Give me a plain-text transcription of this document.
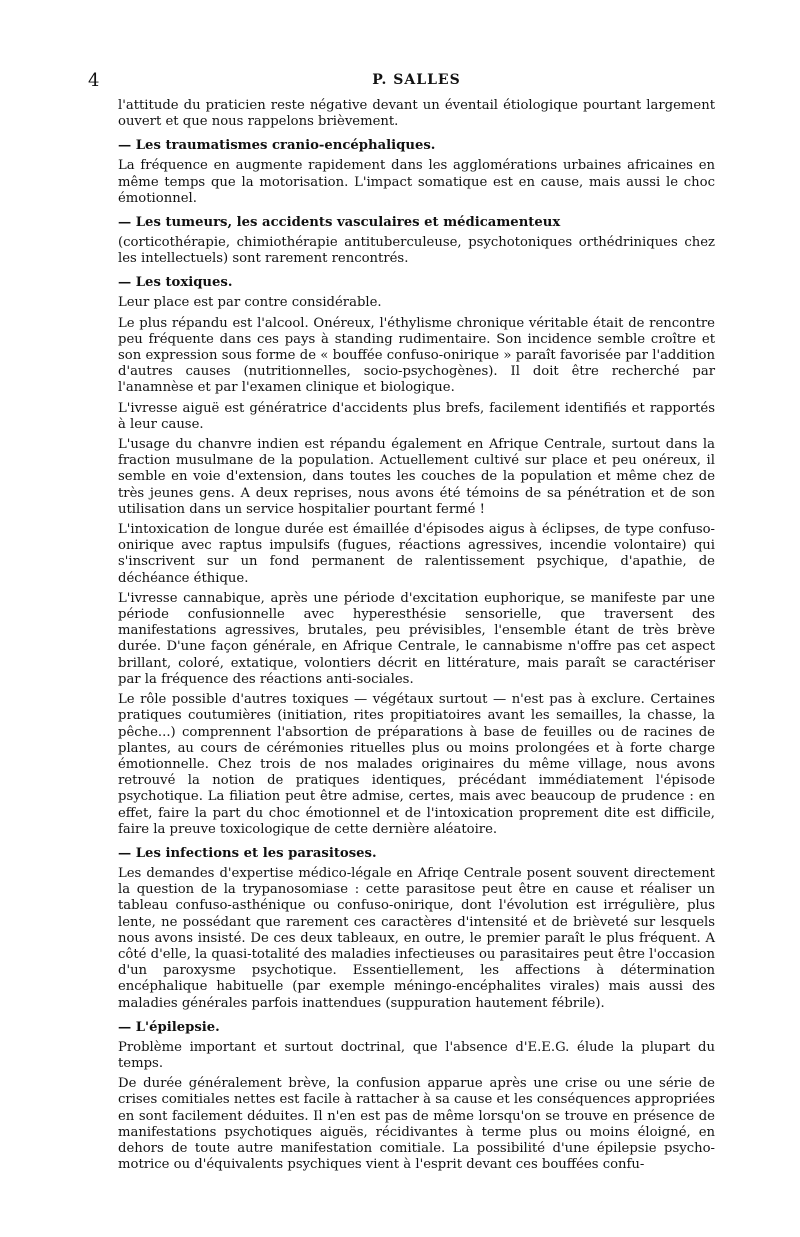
4	P. SALLES

l'attitude du praticien reste négative devant un éventail étiologique pourtant largement ouvert et que nous rappelons brièvement.

— Les traumatismes cranio-encéphaliques.

La fréquence en augmente rapidement dans les agglomérations urbaines africaines en même temps que la motorisation. L'impact somatique est en cause, mais aussi le choc émotionnel.

— Les tumeurs, les accidents vasculaires et médicamenteux

(corticothérapie, chimiothérapie antituberculeuse, psychotoniques orthédriniques chez les intellectuels) sont rarement rencontrés.

— Les toxiques.

Leur place est par contre considérable.

Le plus répandu est l'alcool. Onéreux, l'éthylisme chronique véritable était de rencontre peu fréquente dans ces pays à standing rudimentaire. Son incidence semble croître et son expression sous forme de « bouffée confuso-onirique » paraît favorisée par l'addition d'autres causes (nutritionnelles, socio-psychogènes). Il doit être recherché par l'anamnèse et par l'examen clinique et biologique.

L'ivresse aiguë est génératrice d'accidents plus brefs, facilement identifiés et rapportés à leur cause.

L'usage du chanvre indien est répandu également en Afrique Centrale, surtout dans la fraction musulmane de la population. Actuellement cultivé sur place et peu onéreux, il semble en voie d'extension, dans toutes les couches de la population et même chez de très jeunes gens. A deux reprises, nous avons été témoins de sa pénétration et de son utilisation dans un service hospitalier pourtant fermé !

L'intoxication de longue durée est émaillée d'épisodes aigus à éclipses, de type confuso-onirique avec raptus impulsifs (fugues, réactions agressives, incendie volontaire) qui s'inscrivent sur un fond permanent de ralentissement psychique, d'apathie, de déchéance éthique.

L'ivresse cannabique, après une période d'excitation euphorique, se manifeste par une période confusionnelle avec hyperesthésie sensorielle, que traversent des manifestations agressives, brutales, peu prévisibles, l'ensemble étant de très brève durée. D'une façon générale, en Afrique Centrale, le cannabisme n'offre pas cet aspect brillant, coloré, extatique, volontiers décrit en littérature, mais paraît se caractériser par la fréquence des réactions anti-sociales.

Le rôle possible d'autres toxiques — végétaux surtout — n'est pas à exclure. Certaines pratiques coutumières (initiation, rites propitiatoires avant les semailles, la chasse, la pêche...) comprennent l'absortion de préparations à base de feuilles ou de racines de plantes, au cours de cérémonies rituelles plus ou moins prolongées et à forte charge émotionnelle. Chez trois de nos malades originaires du même village, nous avons retrouvé la notion de pratiques identiques, précédant immédiatement l'épisode psychotique. La filiation peut être admise, certes, mais avec beaucoup de prudence : en effet, faire la part du choc émotionnel et de l'intoxication proprement dite est difficile, faire la preuve toxicologique de cette dernière aléatoire.

— Les infections et les parasitoses.

Les demandes d'expertise médico-légale en Afriqe Centrale posent souvent directement la question de la trypanosomiase : cette parasitose peut être en cause et réaliser un tableau confuso-asthénique ou confuso-onirique, dont l'évolution est irrégulière, plus lente, ne possédant que rarement ces caractères d'intensité et de brièveté sur lesquels nous avons insisté. De ces deux tableaux, en outre, le premier paraît le plus fréquent. A côté d'elle, la quasi-totalité des maladies infectieuses ou parasitaires peut être l'occasion d'un paroxysme psychotique. Essentiellement, les affections à détermination encéphalique habituelle (par exemple méningo-encéphalites virales) mais aussi des maladies générales parfois inattendues (suppuration hautement fébrile).

— L'épilepsie.

Problème important et surtout doctrinal, que l'absence d'E.E.G. élude la plupart du temps.

De durée généralement brève, la confusion apparue après une crise ou une série de crises comitiales nettes est facile à rattacher à sa cause et les conséquences appropriées en sont facilement déduites. Il n'en est pas de même lorsqu'on se trouve en présence de manifestations psychotiques aiguës, récidivantes à terme plus ou moins éloigné, en dehors de toute autre manifestation comitiale. La possibilité d'une épilepsie psycho-motrice ou d'équivalents psychiques vient à l'esprit devant ces bouffées confu-
